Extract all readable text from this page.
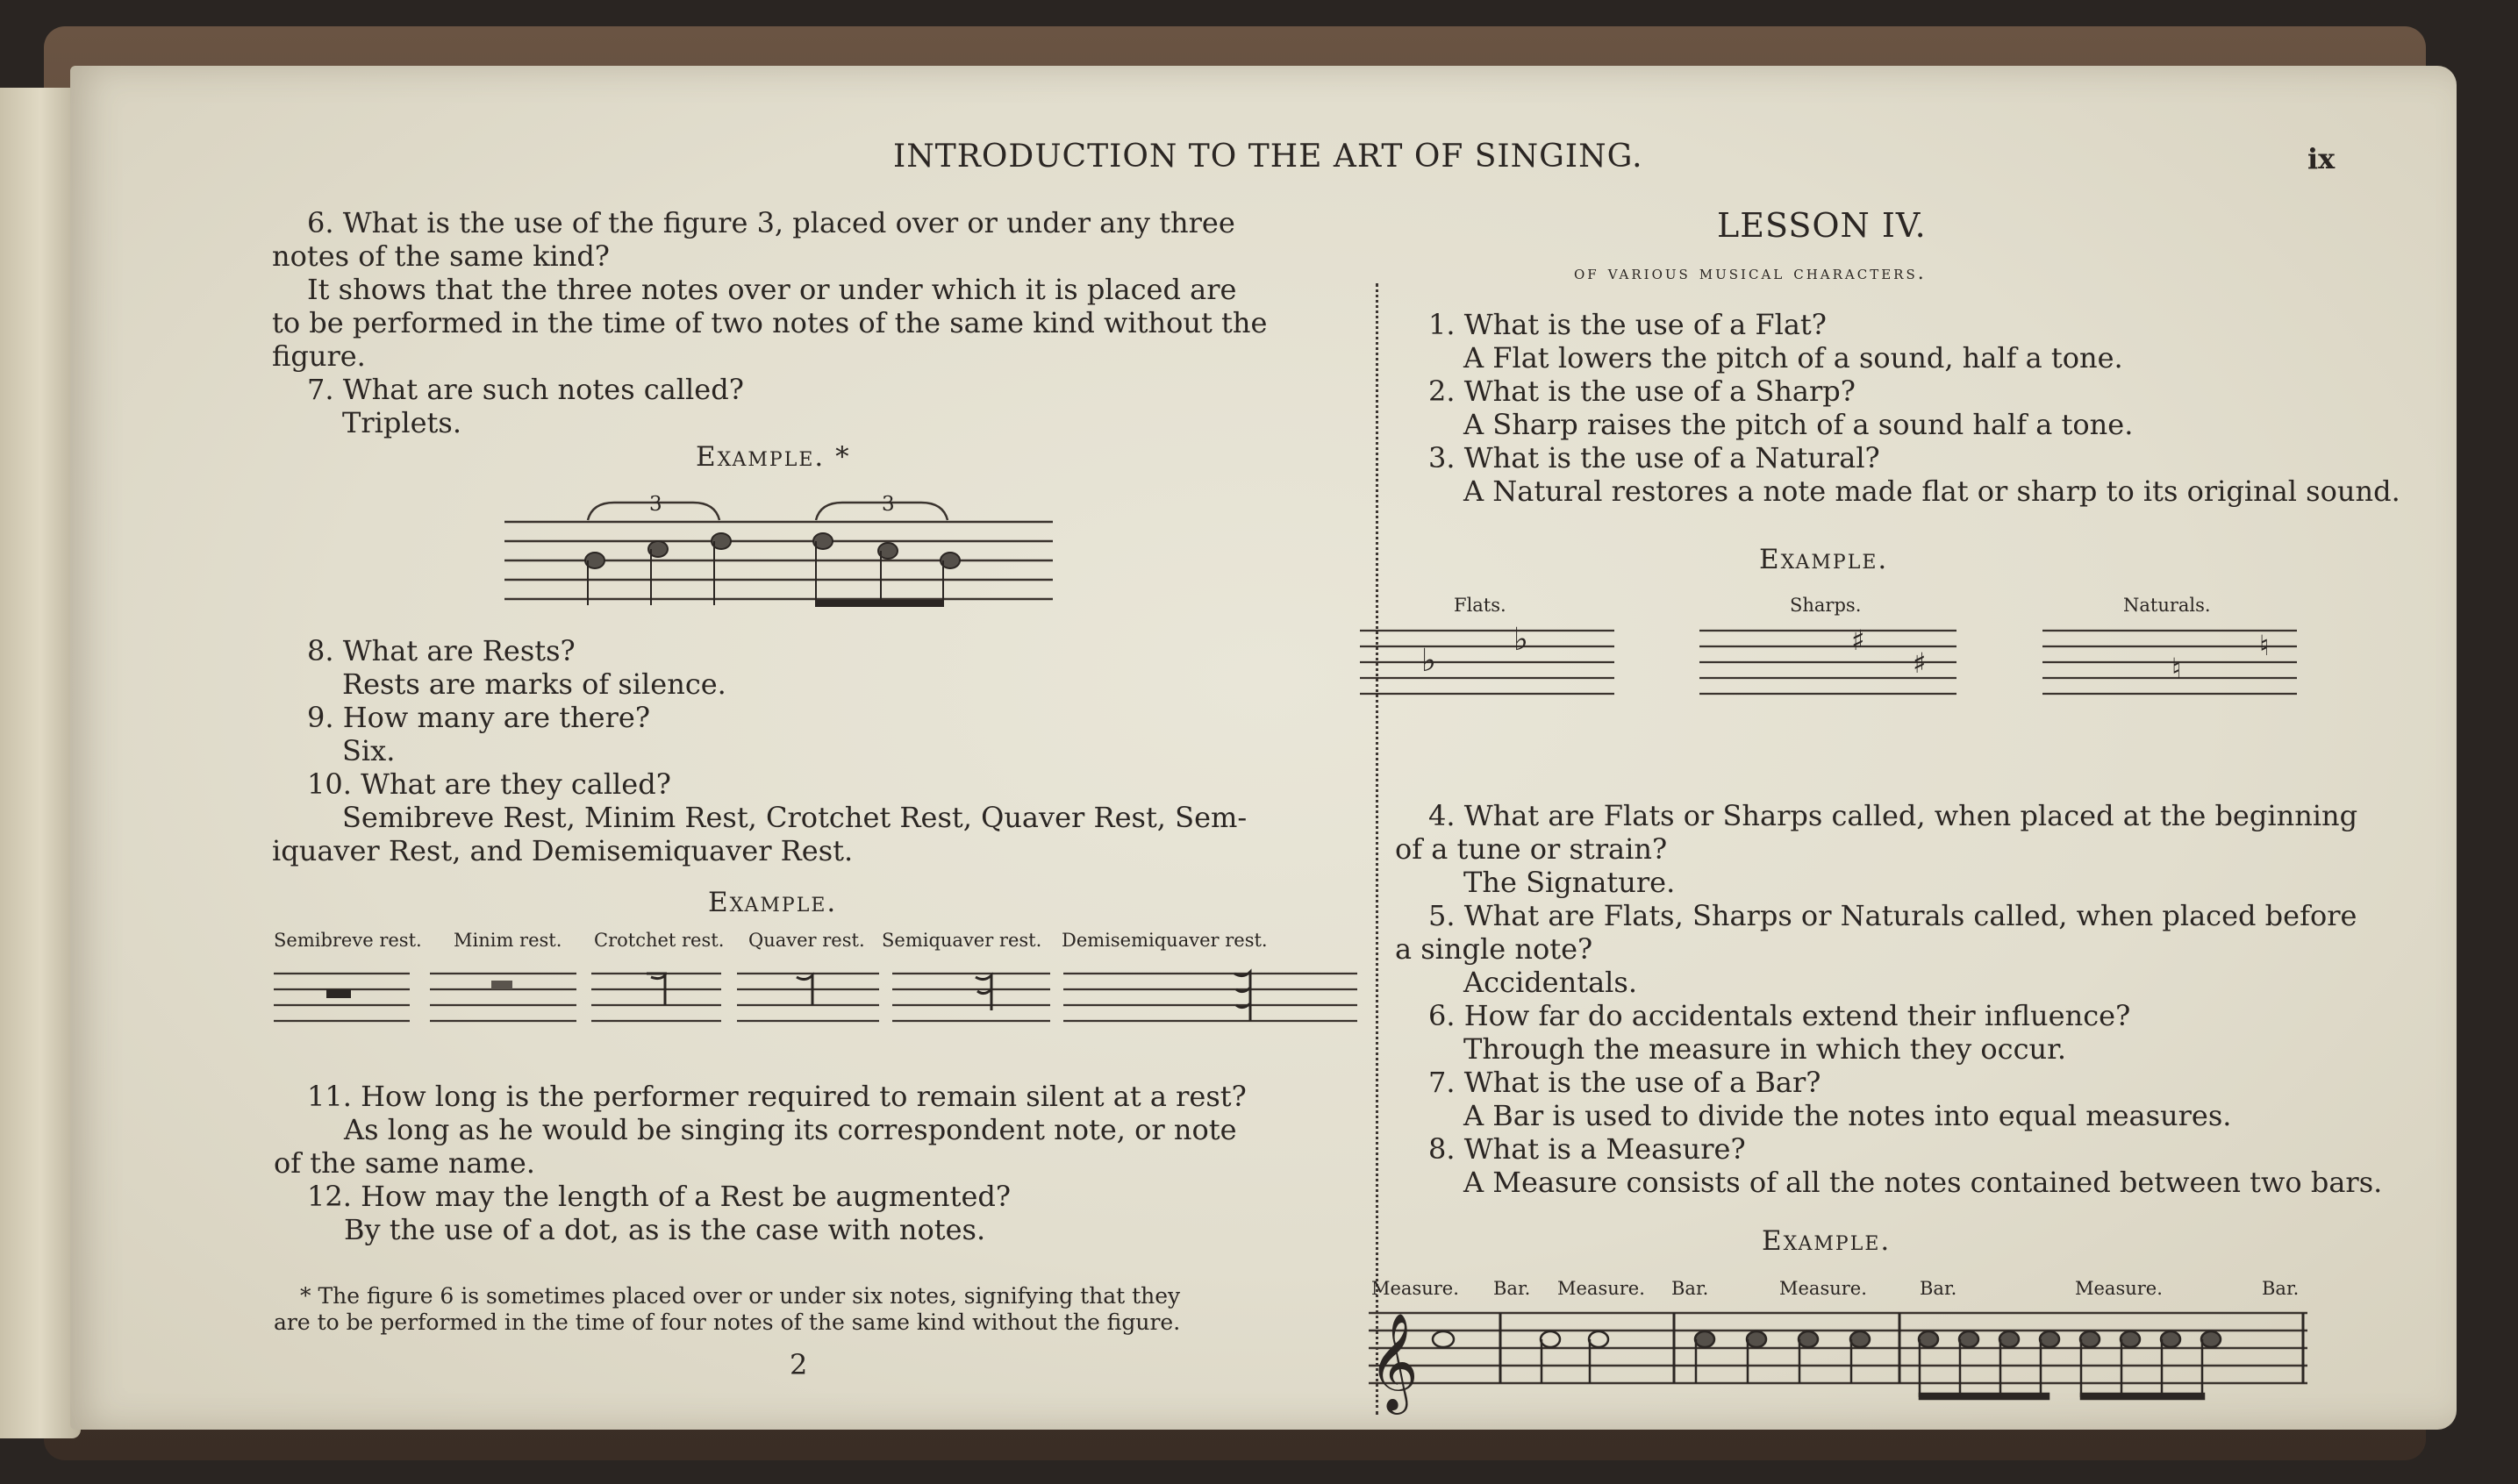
INTRODUCTION TO THE ART OF SINGING.	ix
6. What is the use of the figure 3, placed over or under any three
notes of the same kind?
It shows that the three notes over or under which it is placed are
to be performed in the time of two notes of the same kind without the
figure.
7. What are such notes called?
Triplets.
Example. *
3	3
8. What are Rests?
Rests are marks of silence.
9. How many are there?
Six.
10. What are they called?
Semibreve Rest, Minim Rest, Crotchet Rest, Quaver Rest, Sem-
iquaver Rest, and Demisemiquaver Rest.
Example.
Semibreve rest. Minim rest. Crotchet rest. Quaver rest. Semiquaver rest. Demisemiquaver rest.
11. How long is the performer required to remain silent at a rest?
As long as he would be singing its correspondent note, or note
of the same name.
12. How may the length of a Rest be augmented?
By the use of a dot, as is the case with notes.
* The figure 6 is sometimes placed over or under six notes, signifying that they
are to be performed in the time of four notes of the same kind without the figure.
2
LESSON IV.
of various musical characters.
1. What is the use of a Flat?
A Flat lowers the pitch of a sound, half a tone.
2. What is the use of a Sharp?
A Sharp raises the pitch of a sound half a tone.
3. What is the use of a Natural?
A Natural restores a note made flat or sharp to its original sound.
Example.
Flats.	Sharps.	Naturals.
♭
♭
♯
♯
♮
♮
4. What are Flats or Sharps called, when placed at the beginning
of a tune or strain?
The Signature.
5. What are Flats, Sharps or Naturals called, when placed before
a single note?
Accidentals.
6. How far do accidentals extend their influence?
Through the measure in which they occur.
7. What is the use of a Bar?
A Bar is used to divide the notes into equal measures.
8. What is a Measure?
A Measure consists of all the notes contained between two bars.
Example.
Measure. Bar. Measure. Bar.	Measure.	Bar.	Measure.	Bar.
𝄞
